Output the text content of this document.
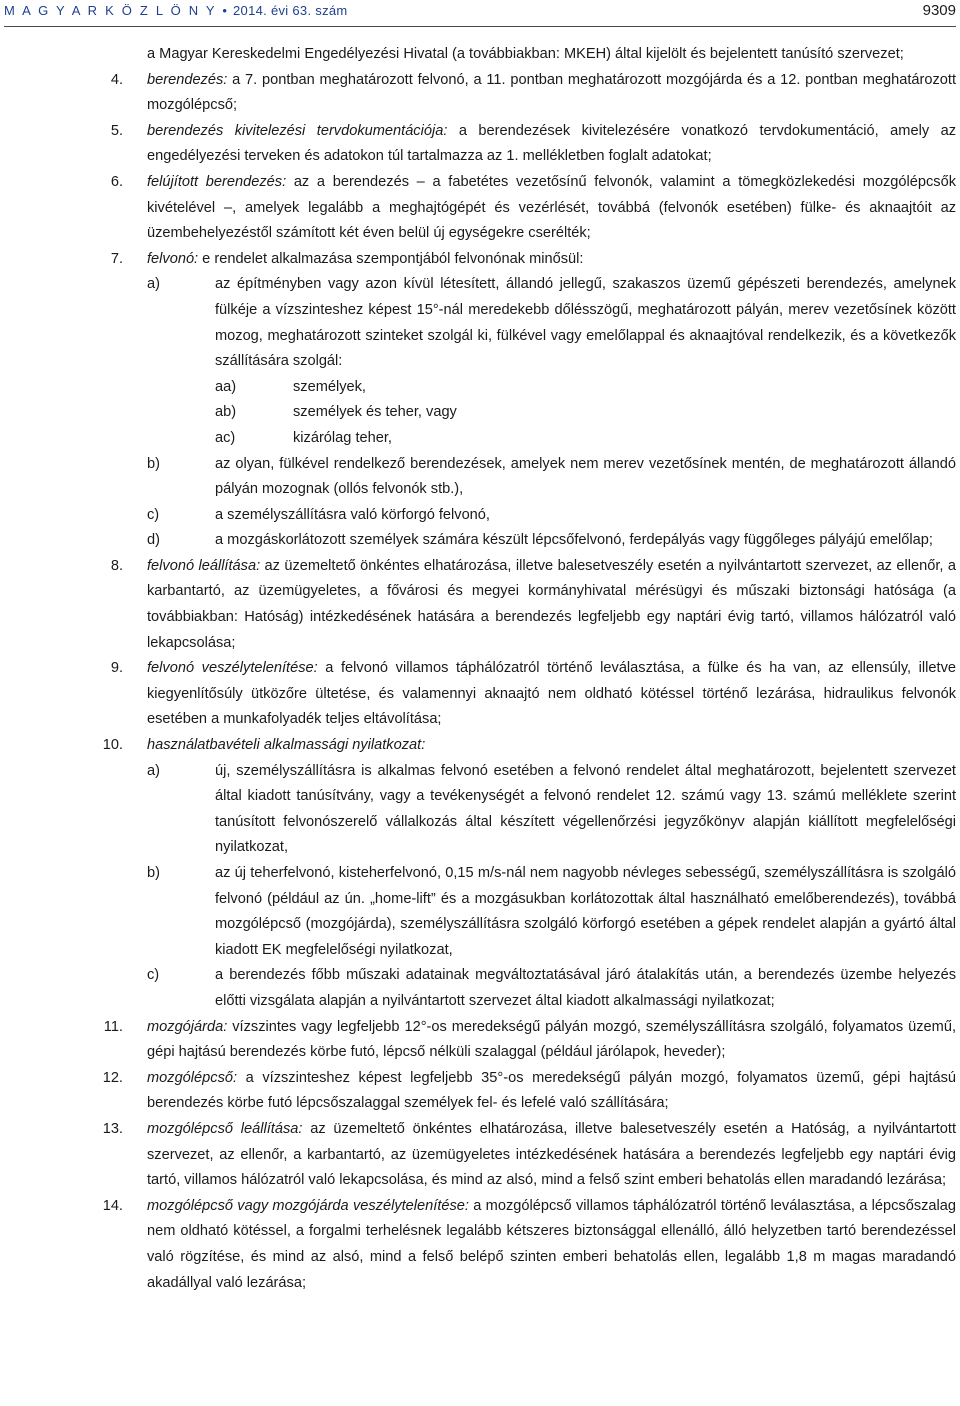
M A G Y A R K Ö Z L Ö N Y • 2014. évi 63. szám	9309
a Magyar Kereskedelmi Engedélyezési Hivatal (a továbbiakban: MKEH) által kijelölt és bejelentett tanúsító szervezet;
4. berendezés: a 7. pontban meghatározott felvonó, a 11. pontban meghatározott mozgójárda és a 12. pontban meghatározott mozgólépcső;
5. berendezés kivitelezési tervdokumentációja: a berendezések kivitelezésére vonatkozó tervdokumentáció, amely az engedélyezési terveken és adatokon túl tartalmazza az 1. mellékletben foglalt adatokat;
6. felújított berendezés: az a berendezés – a fabetétes vezetősínű felvonók, valamint a tömegközlekedési mozgólépcsők kivételével –, amelyek legalább a meghajtógépét és vezérlését, továbbá (felvonók esetében) fülke- és aknaajtóit az üzembehelyezéstől számított két éven belül új egységekre cserélték;
7. felvonó: e rendelet alkalmazása szempontjából felvonónak minősül:
a)	az építményben vagy azon kívül létesített, állandó jellegű, szakaszos üzemű gépészeti berendezés, amelynek fülkéje a vízszinteshez képest 15°-nál meredekebb dőlésszögű, meghatározott pályán, merev vezetősínek között mozog, meghatározott szinteket szolgál ki, fülkével vagy emelőlappal és aknaajtóval rendelkezik, és a következők szállítására szolgál:
aa)	személyek,
ab)	személyek és teher, vagy
ac)	kizárólag teher,
b)	az olyan, fülkével rendelkező berendezések, amelyek nem merev vezetősínek mentén, de meghatározott állandó pályán mozognak (ollós felvonók stb.),
c)	a személyszállításra való körforgó felvonó,
d)	a mozgáskorlátozott személyek számára készült lépcsőfelvonó, ferdepályás vagy függőleges pályájú emelőlap;
8. felvonó leállítása: az üzemeltető önkéntes elhatározása, illetve balesetveszély esetén a nyilvántartott szervezet, az ellenőr, a karbantartó, az üzemügyeletes, a fővárosi és megyei kormányhivatal mérésügyi és műszaki biztonsági hatósága (a továbbiakban: Hatóság) intézkedésének hatására a berendezés legfeljebb egy naptári évig tartó, villamos hálózatról való lekapcsolása;
9. felvonó veszélytelenítése: a felvonó villamos táphálózatról történő leválasztása, a fülke és ha van, az ellensúly, illetve kiegyenlítősúly ütközőre ültetése, és valamennyi aknaajtó nem oldható kötéssel történő lezárása, hidraulikus felvonók esetében a munkafolyadék teljes eltávolítása;
10. használatbavételi alkalmassági nyilatkozat:
a)	új, személyszállításra is alkalmas felvonó esetében a felvonó rendelet által meghatározott, bejelentett szervezet által kiadott tanúsítvány, vagy a tevékenységét a felvonó rendelet 12. számú vagy 13. számú melléklete szerint tanúsított felvonószerelő vállalkozás által készített végellenőrzési jegyzőkönyv alapján kiállított megfelelőségi nyilatkozat,
b)	az új teherfelvonó, kisteherfelvonó, 0,15 m/s-nál nem nagyobb névleges sebességű, személyszállításra is szolgáló felvonó (például az ún. „home-lift” és a mozgásukban korlátozottak által használható emelőberendezés), továbbá mozgólépcső (mozgójárda), személyszállításra szolgáló körforgó esetében a gépek rendelet alapján a gyártó által kiadott EK megfelelőségi nyilatkozat,
c)	a berendezés főbb műszaki adatainak megváltoztatásával járó átalakítás után, a berendezés üzembe helyezés előtti vizsgálata alapján a nyilvántartott szervezet által kiadott alkalmassági nyilatkozat;
11. mozgójárda: vízszintes vagy legfeljebb 12°-os meredekségű pályán mozgó, személyszállításra szolgáló, folyamatos üzemű, gépi hajtású berendezés körbe futó, lépcső nélküli szalaggal (például járólapok, heveder);
12. mozgólépcső: a vízszinteshez képest legfeljebb 35°-os meredekségű pályán mozgó, folyamatos üzemű, gépi hajtású berendezés körbe futó lépcsőszalaggal személyek fel- és lefelé való szállítására;
13. mozgólépcső leállítása: az üzemeltető önkéntes elhatározása, illetve balesetveszély esetén a Hatóság, a nyilvántartott szervezet, az ellenőr, a karbantartó, az üzemügyeletes intézkedésének hatására a berendezés legfeljebb egy naptári évig tartó, villamos hálózatról való lekapcsolása, és mind az alsó, mind a felső szint emberi behatolás ellen maradandó lezárása;
14. mozgólépcső vagy mozgójárda veszélytelenítése: a mozgólépcső villamos táphálózatról történő leválasztása, a lépcsőszalag nem oldható kötéssel, a forgalmi terhelésnek legalább kétszeres biztonsággal ellenálló, álló helyzetben tartó berendezéssel való rögzítése, és mind az alsó, mind a felső belépő szinten emberi behatolás ellen, legalább 1,8 m magas maradandó akadállyal való lezárása;
